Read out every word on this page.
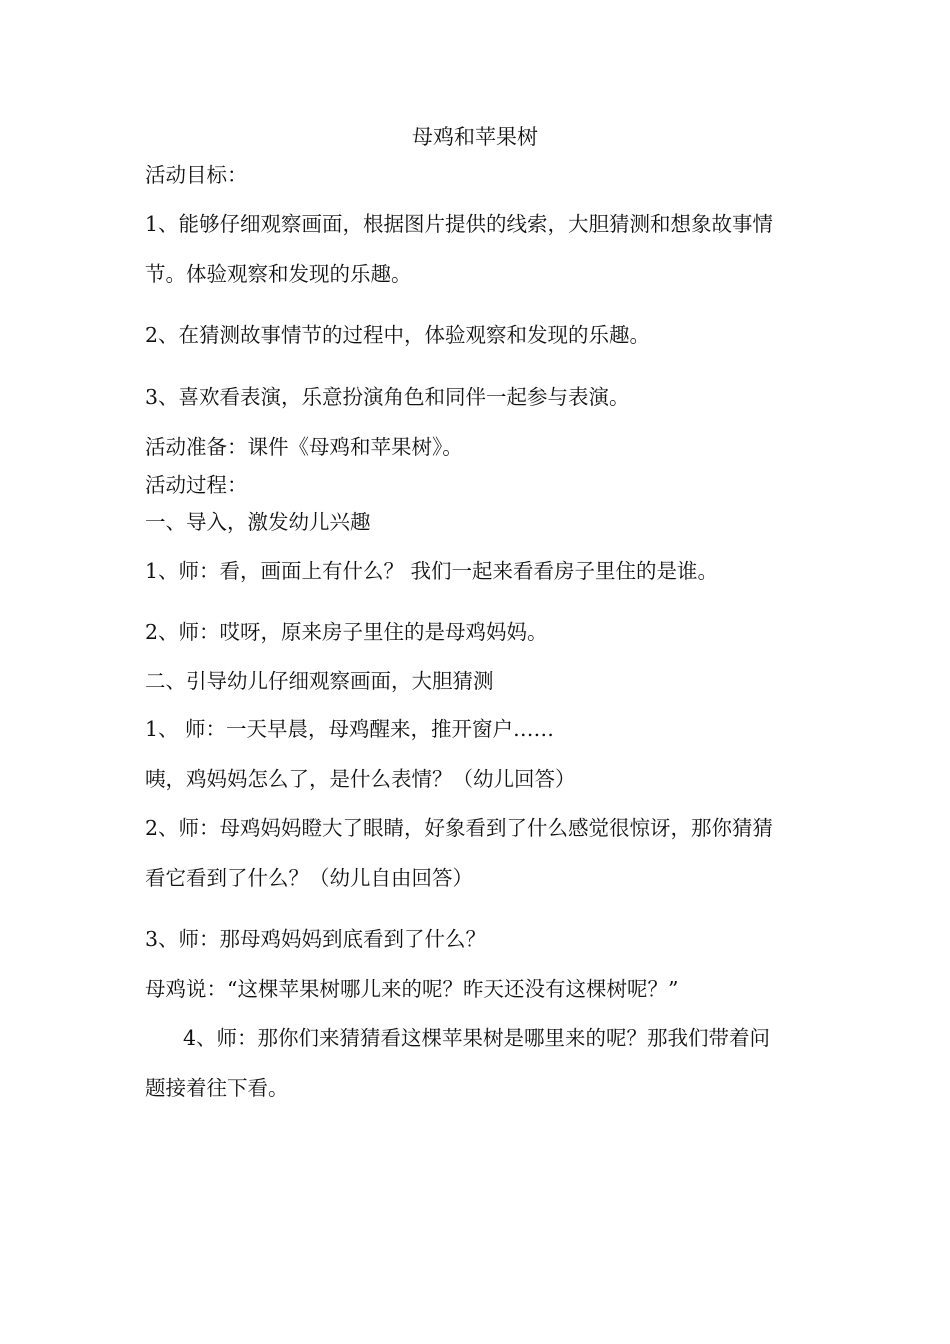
母鸡和苹果树

活动目标：

1、能够仔细观察画面，根据图片提供的线索，大胆猜测和想象故事情

节。体验观察和发现的乐趣。

2、在猜测故事情节的过程中，体验观察和发现的乐趣。

3、喜欢看表演，乐意扮演角色和同伴一起参与表演。

活动准备：课件《母鸡和苹果树》。

活动过程：

一、导入，激发幼儿兴趣

1、师：看，画面上有什么？ 我们一起来看看房子里住的是谁。

2、师：哎呀，原来房子里住的是母鸡妈妈。

二、引导幼儿仔细观察画面，大胆猜测

1、 师：一天早晨，母鸡醒来，推开窗户……

咦，鸡妈妈怎么了，是什么表情？（幼儿回答）

2、师：母鸡妈妈瞪大了眼睛，好象看到了什么感觉很惊讶，那你猜猜

看它看到了什么？（幼儿自由回答）

3、师：那母鸡妈妈到底看到了什么？

母鸡说：“这棵苹果树哪儿来的呢？昨天还没有这棵树呢？”

4、师：那你们来猜猜看这棵苹果树是哪里来的呢？那我们带着问

题接着往下看。
